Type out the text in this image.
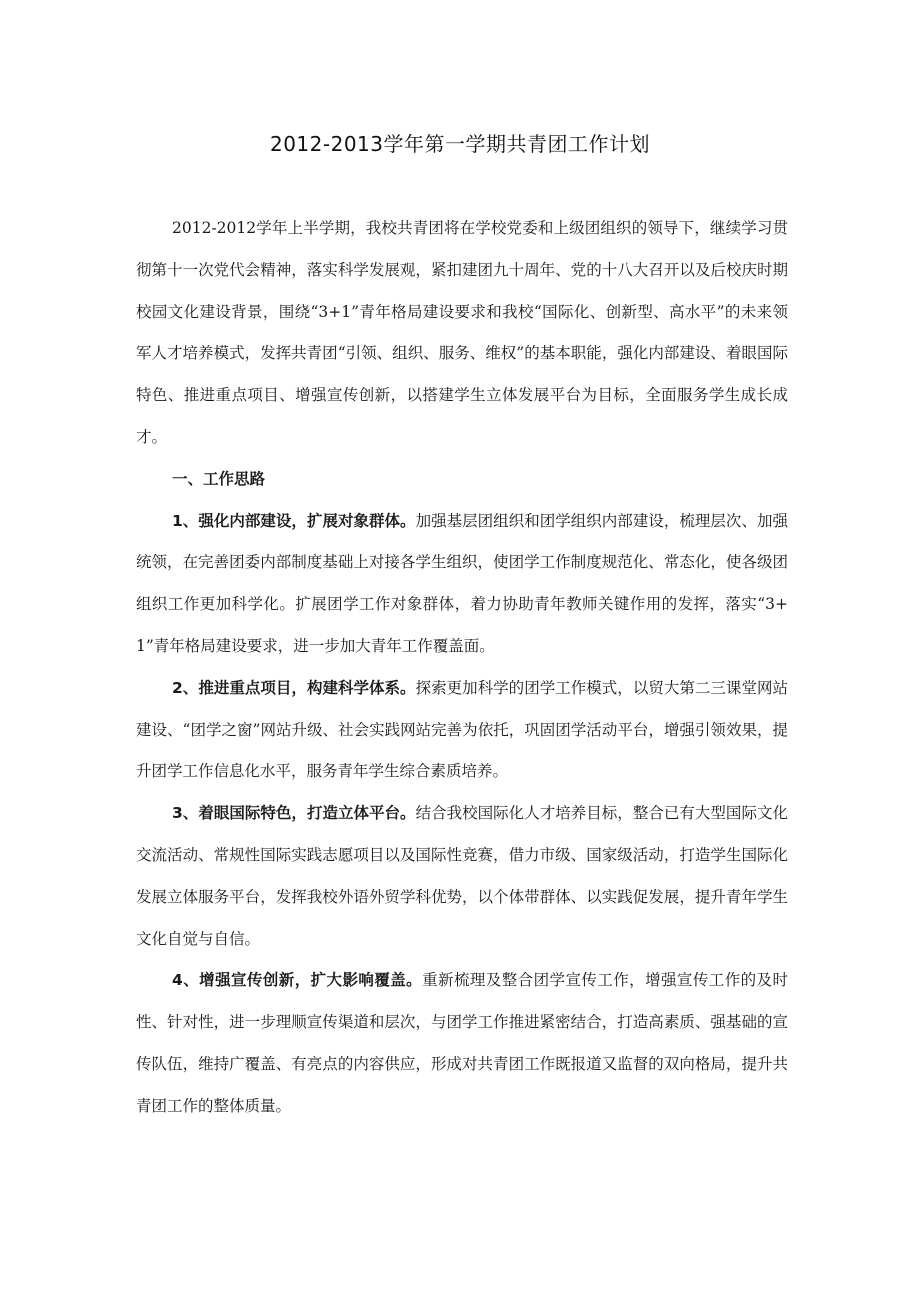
2012-2013学年第一学期共青团工作计划

2012-2012学年上半学期，我校共青团将在学校党委和上级团组织的领导下，继续学习贯彻第十一次党代会精神，落实科学发展观，紧扣建团九十周年、党的十八大召开以及后校庆时期校园文化建设背景，围绕“3+1”青年格局建设要求和我校“国际化、创新型、高水平”的未来领军人才培养模式，发挥共青团“引领、组织、服务、维权”的基本职能，强化内部建设、着眼国际特色、推进重点项目、增强宣传创新，以搭建学生立体发展平台为目标，全面服务学生成长成才。

一、工作思路

1、强化内部建设，扩展对象群体。加强基层团组织和团学组织内部建设，梳理层次、加强统领，在完善团委内部制度基础上对接各学生组织，使团学工作制度规范化、常态化，使各级团组织工作更加科学化。扩展团学工作对象群体，着力协助青年教师关键作用的发挥，落实“3+1”青年格局建设要求，进一步加大青年工作覆盖面。

2、推进重点项目，构建科学体系。探索更加科学的团学工作模式，以贸大第二三课堂网站建设、“团学之窗”网站升级、社会实践网站完善为依托，巩固团学活动平台，增强引领效果，提升团学工作信息化水平，服务青年学生综合素质培养。

3、着眼国际特色，打造立体平台。结合我校国际化人才培养目标，整合已有大型国际文化交流活动、常规性国际实践志愿项目以及国际性竞赛，借力市级、国家级活动，打造学生国际化发展立体服务平台，发挥我校外语外贸学科优势，以个体带群体、以实践促发展，提升青年学生文化自觉与自信。

4、增强宣传创新，扩大影响覆盖。重新梳理及整合团学宣传工作，增强宣传工作的及时性、针对性，进一步理顺宣传渠道和层次，与团学工作推进紧密结合，打造高素质、强基础的宣传队伍，维持广覆盖、有亮点的内容供应，形成对共青团工作既报道又监督的双向格局，提升共青团工作的整体质量。
